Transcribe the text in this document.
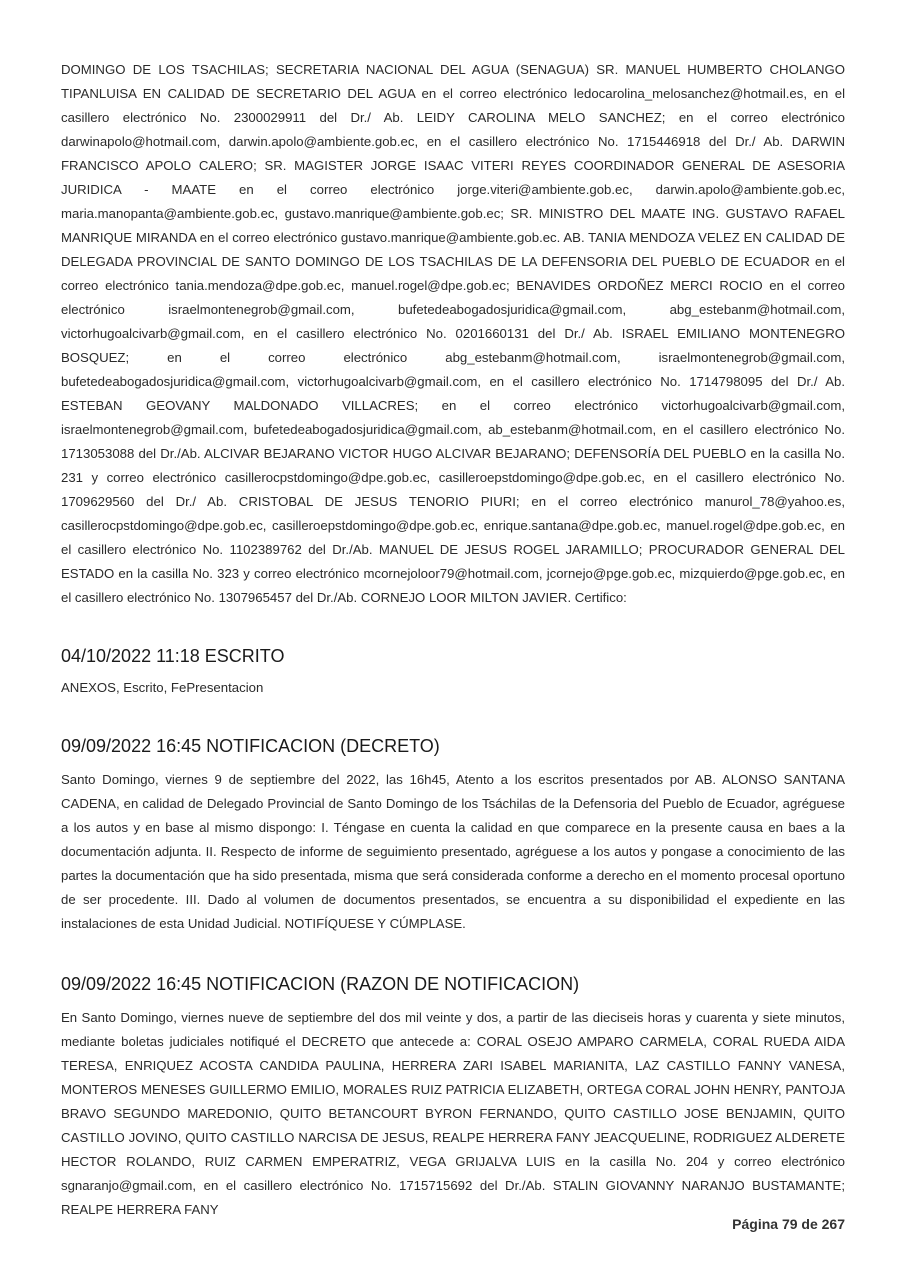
DOMINGO DE LOS TSACHILAS; SECRETARIA NACIONAL DEL AGUA (SENAGUA) SR. MANUEL HUMBERTO CHOLANGO TIPANLUISA EN CALIDAD DE SECRETARIO DEL AGUA en el correo electrónico ledocarolina_melosanchez@hotmail.es, en el casillero electrónico No. 2300029911 del Dr./ Ab. LEIDY CAROLINA MELO SANCHEZ; en el correo electrónico darwinapolo@hotmail.com, darwin.apolo@ambiente.gob.ec, en el casillero electrónico No. 1715446918 del Dr./ Ab. DARWIN FRANCISCO APOLO CALERO; SR. MAGISTER JORGE ISAAC VITERI REYES COORDINADOR GENERAL DE ASESORIA JURIDICA - MAATE en el correo electrónico jorge.viteri@ambiente.gob.ec, darwin.apolo@ambiente.gob.ec, maria.manopanta@ambiente.gob.ec, gustavo.manrique@ambiente.gob.ec; SR. MINISTRO DEL MAATE ING. GUSTAVO RAFAEL MANRIQUE MIRANDA en el correo electrónico gustavo.manrique@ambiente.gob.ec. AB. TANIA MENDOZA VELEZ EN CALIDAD DE DELEGADA PROVINCIAL DE SANTO DOMINGO DE LOS TSACHILAS DE LA DEFENSORIA DEL PUEBLO DE ECUADOR en el correo electrónico tania.mendoza@dpe.gob.ec, manuel.rogel@dpe.gob.ec; BENAVIDES ORDOÑEZ MERCI ROCIO en el correo electrónico israelmontenegrob@gmail.com, bufetedeabogadosjuridica@gmail.com, abg_estebanm@hotmail.com, victorhugoalcivarb@gmail.com, en el casillero electrónico No. 0201660131 del Dr./ Ab. ISRAEL EMILIANO MONTENEGRO BOSQUEZ; en el correo electrónico abg_estebanm@hotmail.com, israelmontenegrob@gmail.com, bufetedeabogadosjuridica@gmail.com, victorhugoalcivarb@gmail.com, en el casillero electrónico No. 1714798095 del Dr./ Ab. ESTEBAN GEOVANY MALDONADO VILLACRES; en el correo electrónico victorhugoalcivarb@gmail.com, israelmontenegrob@gmail.com, bufetedeabogadosjuridica@gmail.com, ab_estebanm@hotmail.com, en el casillero electrónico No. 1713053088 del Dr./Ab. ALCIVAR BEJARANO VICTOR HUGO ALCIVAR BEJARANO; DEFENSORÍA DEL PUEBLO en la casilla No. 231 y correo electrónico casillerocpstdomingo@dpe.gob.ec, casilleroepstdomingo@dpe.gob.ec, en el casillero electrónico No. 1709629560 del Dr./ Ab. CRISTOBAL DE JESUS TENORIO PIURI; en el correo electrónico manurol_78@yahoo.es, casillerocpstdomingo@dpe.gob.ec, casilleroepstdomingo@dpe.gob.ec, enrique.santana@dpe.gob.ec, manuel.rogel@dpe.gob.ec, en el casillero electrónico No. 1102389762 del Dr./Ab. MANUEL DE JESUS ROGEL JARAMILLO; PROCURADOR GENERAL DEL ESTADO en la casilla No. 323 y correo electrónico mcornejoloor79@hotmail.com, jcornejo@pge.gob.ec, mizquierdo@pge.gob.ec, en el casillero electrónico No. 1307965457 del Dr./Ab. CORNEJO LOOR MILTON JAVIER. Certifico:

04/10/2022 11:18 ESCRITO

ANEXOS, Escrito, FePresentacion

09/09/2022 16:45 NOTIFICACION (DECRETO)

Santo Domingo, viernes 9 de septiembre del 2022, las 16h45, Atento a los escritos presentados por AB. ALONSO SANTANA CADENA, en calidad de Delegado Provincial de Santo Domingo de los Tsáchilas de la Defensoria del Pueblo de Ecuador, agréguese a los autos y en base al mismo dispongo: I. Téngase en cuenta la calidad en que comparece en la presente causa en baes a la documentación adjunta. II. Respecto de informe de seguimiento presentado, agréguese a los autos y pongase a conocimiento de las partes la documentación que ha sido presentada, misma que será considerada conforme a derecho en el momento procesal oportuno de ser procedente. III. Dado al volumen de documentos presentados, se encuentra a su disponibilidad el expediente en las instalaciones de esta Unidad Judicial. NOTIFÍQUESE Y CÚMPLASE.

09/09/2022 16:45 NOTIFICACION (RAZON DE NOTIFICACION)

En Santo Domingo, viernes nueve de septiembre del dos mil veinte y dos, a partir de las dieciseis horas y cuarenta y siete minutos, mediante boletas judiciales notifiqué el DECRETO que antecede a: CORAL OSEJO AMPARO CARMELA, CORAL RUEDA AIDA TERESA, ENRIQUEZ ACOSTA CANDIDA PAULINA, HERRERA ZARI ISABEL MARIANITA, LAZ CASTILLO FANNY VANESA, MONTEROS MENESES GUILLERMO EMILIO, MORALES RUIZ PATRICIA ELIZABETH, ORTEGA CORAL JOHN HENRY, PANTOJA BRAVO SEGUNDO MAREDONIO, QUITO BETANCOURT BYRON FERNANDO, QUITO CASTILLO JOSE BENJAMIN, QUITO CASTILLO JOVINO, QUITO CASTILLO NARCISA DE JESUS, REALPE HERRERA FANY JEACQUELINE, RODRIGUEZ ALDERETE HECTOR ROLANDO, RUIZ CARMEN EMPERATRIZ, VEGA GRIJALVA LUIS en la casilla No. 204 y correo electrónico sgnaranjo@gmail.com, en el casillero electrónico No. 1715715692 del Dr./Ab. STALIN GIOVANNY NARANJO BUSTAMANTE; REALPE HERRERA FANY

Página 79 de 267
